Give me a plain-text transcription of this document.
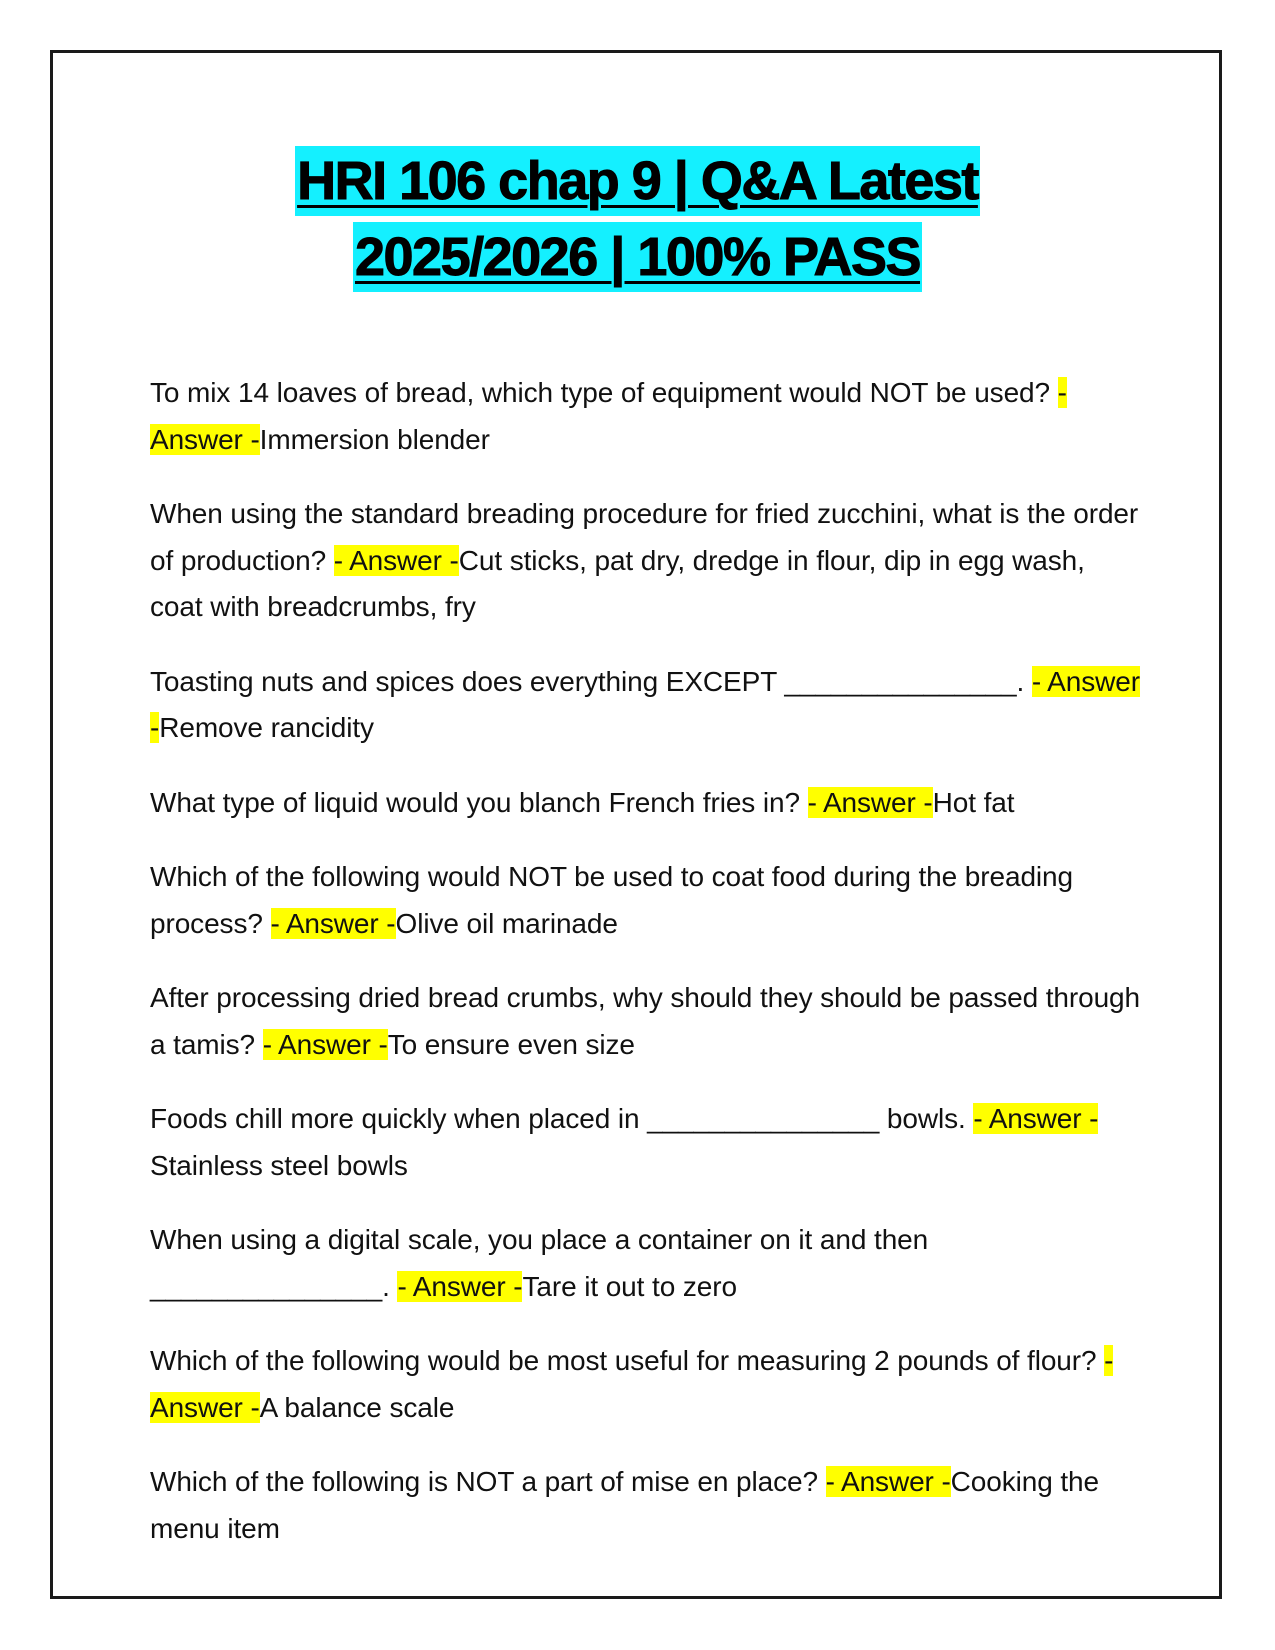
HRI 106 chap 9 | Q&A Latest
2025/2026 | 100% PASS

To mix 14 loaves of bread, which type of equipment would NOT be used? - Answer -Immersion blender

When using the standard breading procedure for fried zucchini, what is the order of production? - Answer -Cut sticks, pat dry, dredge in flour, dip in egg wash, coat with breadcrumbs, fry

Toasting nuts and spices does everything EXCEPT _______________. - Answer -Remove rancidity

What type of liquid would you blanch French fries in? - Answer -Hot fat

Which of the following would NOT be used to coat food during the breading process? - Answer -Olive oil marinade

After processing dried bread crumbs, why should they should be passed through a tamis? - Answer -To ensure even size

Foods chill more quickly when placed in _______________ bowls. - Answer -Stainless steel bowls

When using a digital scale, you place a container on it and then _______________. - Answer -Tare it out to zero

Which of the following would be most useful for measuring 2 pounds of flour? - Answer -A balance scale

Which of the following is NOT a part of mise en place? - Answer -Cooking the menu item
